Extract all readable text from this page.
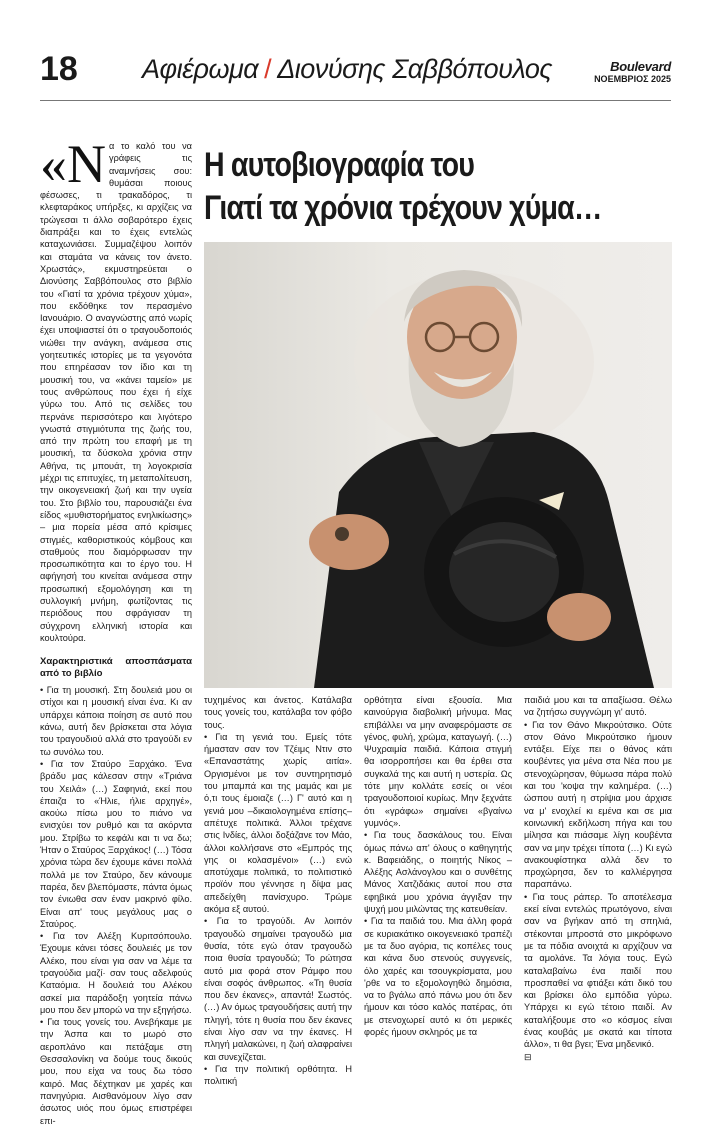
18 Αφιέρωμα / Διονύσης Σαββόπουλος	Boulevard
ΝΟΕΜΒΡΙΟΣ 2025
Η αυτοβιογραφία του
Γιατί τα χρόνια τρέχουν χύμα…

«Να το καλό του να γράφεις τις αναμνήσεις σου: θυμάσαι ποιους φέσωσες, τι τρακαδόρος, τι κλεφταράκος υπήρξες, κι αρχίζεις να τρώγεσαι τι άλλο σοβαρότερο έχεις διαπράξει και το έχεις εντελώς καταχωνιάσει. Συμμαζέψου λοιπόν και σταμάτα να κάνεις τον άνετο. Χρωστάς», εκμυστηρεύεται ο Διονύσης Σαββόπουλος στο βιβλίο του «Γιατί τα χρόνια τρέχουν χύμα», που εκδόθηκε τον περασμένο Ιανουάριο. Ο αναγνώστης από νωρίς έχει υποψιαστεί ότι ο τραγουδοποιός νιώθει την ανάγκη, ανάμεσα στις γοητευτικές ιστορίες με τα γεγονότα που επηρέασαν τον ίδιο και τη μουσική του, να «κάνει ταμείο» με τους ανθρώπους που έχει ή είχε γύρω του. Από τις σελίδες του περνάνε περισσότερο και λιγότερο γνωστά στιγμιότυπα της ζωής του, από την πρώτη του επαφή με τη μουσική, τα δύσκολα χρόνια στην Αθήνα, τις μπουάτ, τη λογοκρισία μέχρι τις επιτυχίες, τη μεταπολίτευση, την οικογενειακή ζωή και την υγεία του. Στο βιβλίο του, παρουσιάζει ένα είδος «μυθιστορήματος ενηλικίωσης» – μια πορεία μέσα από κρίσιμες στιγμές, καθοριστικούς κόμβους και σταθμούς που διαμόρφωσαν την προσωπικότητα και το έργο του. Η αφήγησή του κινείται ανάμεσα στην προσωπική εξομολόγηση και τη συλλογική μνήμη, φωτίζοντας τις περιόδους που σφράγισαν τη σύγχρονη ελληνική ιστορία και κουλτούρα.

Χαρακτηριστικά αποσπάσματα από το βιβλίο

• Για τη μουσική. Στη δουλειά μου οι στίχοι και η μουσική είναι ένα. Κι αν υπάρχει κάποια ποίηση σε αυτό που κάνω, αυτή δεν βρίσκεται στα λόγια του τραγουδιού αλλά στο τραγούδι εν τω συνόλω του.

• Για τον Σταύρο Ξαρχάκο. Ένα βράδυ μας κάλεσαν στην «Τριάνα του Χειλά» (…) Σαφηνιά, εκεί που έπαιζα το «Ήλιε, ήλιε αρχηγέ», ακούω πίσω μου το πιάνο να ενισχύει τον ρυθμό και τα ακόρντα μου. Στρίβω το κεφάλι και τι να δω; Ήταν ο Σταύρος Ξαρχάκος! (…) Τόσα χρόνια τώρα δεν έχουμε κάνει πολλά πολλά με τον Σταύρο, δεν κάνουμε παρέα, δεν βλεπόμαστε, πάντα όμως τον ένιωθα σαν έναν μακρινό φίλο. Είναι απ' τους μεγάλους μας ο Σταύρος.

• Για τον Αλέξη Κυριτσόπουλο. Έχουμε κάνει τόσες δουλειές με τον Αλέκο, που είναι για σαν να λέμε τα τραγούδια μαζί· σαν τους αδελφούς Καταόμια. Η δουλειά του Αλέκου ασκεί μια παράδοξη γοητεία πάνω μου που δεν μπορώ να την εξηγήσω.

• Για τους γονείς του. Ανεβήκαμε με την Άσπα και το μωρό στο αεροπλάνο και πετάξαμε στη Θεσσαλονίκη να δούμε τους δικούς μου, που είχα να τους δω τόσο καιρό. Μας δέχτηκαν με χαρές και πανηγύρια. Αισθανόμουν λίγο σαν άσωτος υιός που όμως επιστρέφει επι-

τυχημένος και άνετος. Κατάλαβα τους γονείς του, κατάλαβα τον φόβο τους.

• Για τη γενιά του. Εμείς τότε ήμασταν σαν τον Τζέιμς Ντιν στο «Επαναστάτης χωρίς αιτία». Οργισμένοι με τον συντηρητισμό του μπαμπά και της μαμάς και με ό,τι τους έμοιαζε (…) Γ' αυτό και η γενιά μου –δικαιολογημένα επίσης– απέτυχε πολιτικά. Άλλοι τρέχανε στις Ινδίες, άλλοι δοξάζανε τον Μάο, άλλοι κολλήσανε στο «Εμπρός της γης οι κολασμένοι» (…) ενώ αποτύχαμε πολιτικά, το πολιτιστικό προϊόν που γέννησε η δίψα μας απεδείχθη πανίσχυρο. Τρώμε ακόμα εξ αυτού.

• Για το τραγούδι. Αν λοιπόν τραγουδώ σημαίνει τραγουδώ μια θυσία, τότε εγώ όταν τραγουδώ ποια θυσία τραγουδώ; Το ρώτησα αυτό μια φορά στον Ράμφο που είναι σοφός άνθρωπος. «Τη θυσία που δεν έκανες», απαντά! Σωστός. (…) Αν όμως τραγουδήσεις αυτή την πληγή, τότε η θυσία που δεν έκανες είναι λίγο σαν να την έκανες. Η πληγή μαλακώνει, η ζωή αλαφραίνει και συνεχίζεται.

• Για την πολιτική ορθότητα. Η πολιτική

ορθότητα είναι εξουσία. Μια καινούργια διαβολική μήνυμα. Μας επιβάλλει να μην αναφερόμαστε σε γένος, φυλή, χρώμα, καταγωγή. (…) Ψυχραιμία παιδιά. Κάποια στιγμή θα ισορροπήσει και θα έρθει στα συγκαλά της και αυτή η υστερία. Ως τότε μην κολλάτε εσείς οι νέοι τραγουδοποιοί κυρίως. Μην ξεχνάτε ότι «γράφω» σημαίνει «βγαίνω γυμνός».

• Για τους δασκάλους του. Είναι όμως πάνω απ' όλους ο καθηγητής κ. Βαφειάδης, ο ποιητής Νίκος – Αλέξης Ασλάνογλου και ο συνθέτης Μάνος Χατζιδάκις αυτοί που στα εφηβικά μου χρόνια άγγιξαν την ψυχή μου μιλώντας της κατευθείαν.

• Για τα παιδιά του. Μια άλλη φορά σε κυριακάτικο οικογενειακό τραπέζι με τα δυο αγόρια, τις κοπέλες τους και κάνα δυο στενούς συγγενείς, όλο χαρές και τσουγκρίσματα, μου 'ρθε να το εξομολογηθώ δημόσια, να το βγάλω από πάνω μου ότι δεν ήμουν και τόσο καλός πατέρας, ότι με στενοχωρεί αυτό κι ότι μερικές φορές ήμουν σκληρός με τα

παιδιά μου και τα απαξίωσα. Θέλω να ζητήσω συγγνώμη γι' αυτό.

• Για τον Θάνο Μικρούτσικο. Ούτε στον Θάνο Μικρούτσικο ήμουν εντάξει. Είχε πει ο θάνος κάτι κουβέντες για μένα στα Νέα που με στενοχώρησαν, θύμωσα πάρα πολύ και του 'κοψα την καλημέρα. (…) ώσπου αυτή η στρίψια μου άρχισε να μ' ενοχλεί κι εμένα και σε μια κοινωνική εκδήλωση πήγα και του μίλησα και πιάσαμε λίγη κουβέντα σαν να μην τρέχει τίποτα (…) Κι εγώ ανακουφίστηκα αλλά δεν το προχώρησα, δεν το καλλιέργησα παραπάνω.

• Για τους ράπερ. Το αποτέλεσμα εκεί είναι εντελώς πρωτόγονο, είναι σαν να βγήκαν από τη σπηλιά, στέκονται μπροστά στο μικρόφωνο με τα πόδια ανοιχτά κι αρχίζουν να τα αμολάνε. Τα λόγια τους. Εγώ καταλαβαίνω ένα παιδί που προσπαθεί να φτιάξει κάτι δικό του και βρίσκει όλο εμπόδια γύρω. Υπάρχει κι εγώ τέτοιο παιδί. Αν καταλήξουμε στο «ο κόσμος είναι ένας κουβάς με σκατά και τίποτα άλλο», τι θα βγει; Ένα μηδενικό.

⊟
